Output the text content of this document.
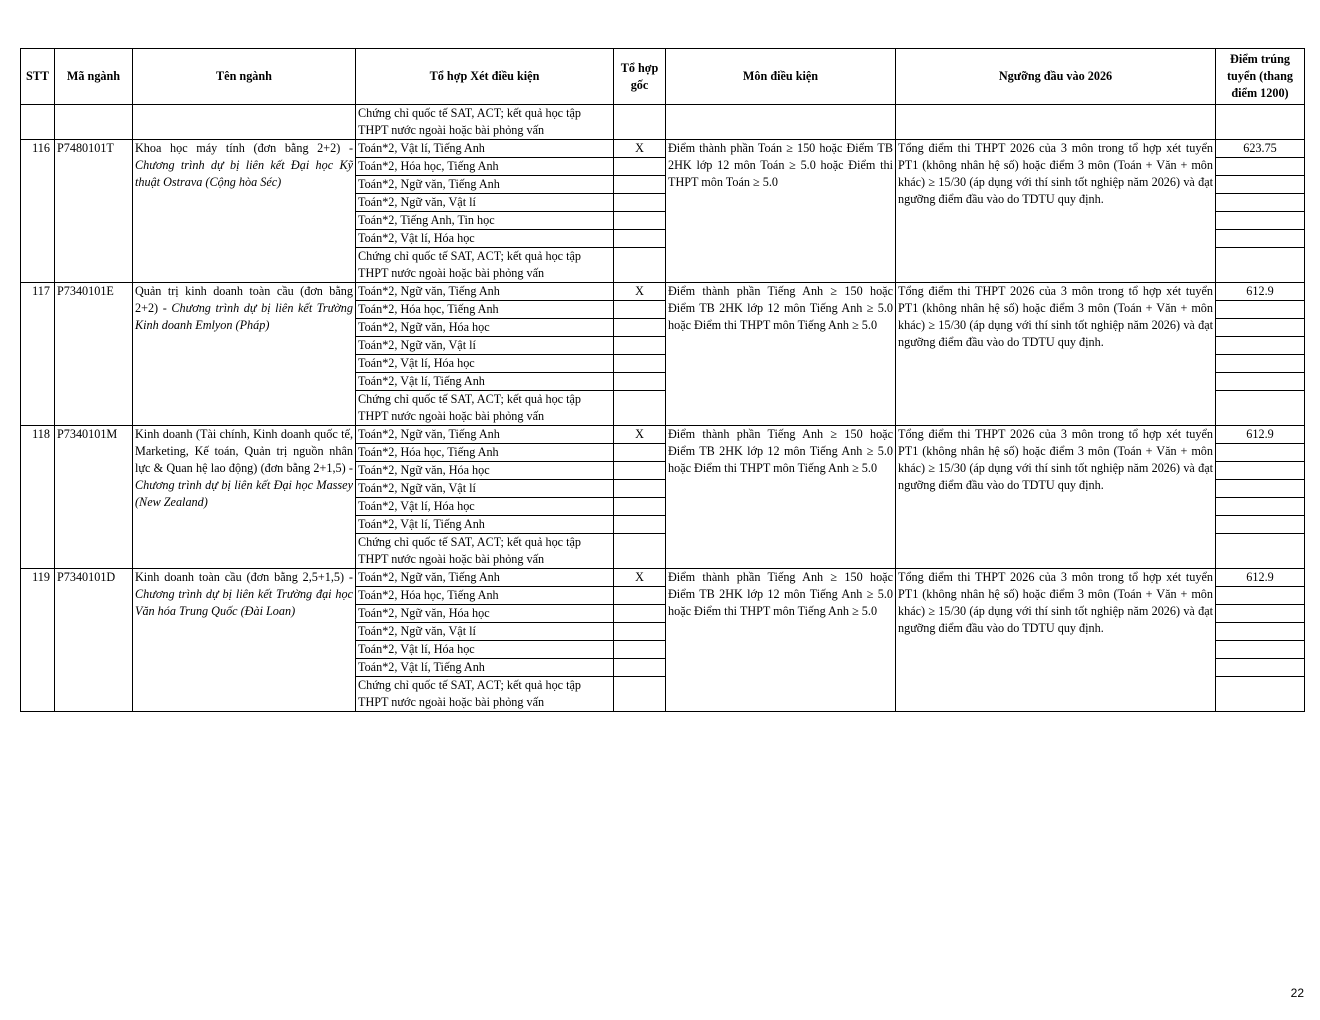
STT	Mã ngành	Tên ngành	Tổ hợp Xét điều kiện	Tổ hợp gốc	Môn điều kiện	Ngưỡng đầu vào 2026	Điểm trúng tuyển (thang điểm 1200)
			Chứng chỉ quốc tế SAT, ACT; kết quả học tập THPT nước ngoài hoặc bài phỏng vấn				
116	P7480101T	Khoa học máy tính (đơn bằng 2+2) - Chương trình dự bị liên kết Đại học Kỹ thuật Ostrava (Cộng hòa Séc)	Toán*2, Vật lí, Tiếng Anh	X	Điểm thành phần Toán ≥ 150 hoặc Điểm TB 2HK lớp 12 môn Toán ≥ 5.0 hoặc Điểm thi THPT môn Toán ≥ 5.0	Tổng điểm thi THPT 2026 của 3 môn trong tổ hợp xét tuyển PT1 (không nhân hệ số) hoặc điểm 3 môn (Toán + Văn + môn khác) ≥ 15/30 (áp dụng với thí sinh tốt nghiệp năm 2026) và đạt ngưỡng điểm đầu vào do TDTU quy định.	623.75
			Toán*2, Hóa học, Tiếng Anh				
			Toán*2, Ngữ văn, Tiếng Anh				
			Toán*2, Ngữ văn, Vật lí				
			Toán*2, Tiếng Anh, Tin học				
			Toán*2, Vật lí, Hóa học				
			Chứng chỉ quốc tế SAT, ACT; kết quả học tập THPT nước ngoài hoặc bài phỏng vấn				
117	P7340101E	Quản trị kinh doanh toàn cầu (đơn bằng 2+2) - Chương trình dự bị liên kết Trường Kinh doanh Emlyon (Pháp)	Toán*2, Ngữ văn, Tiếng Anh	X	Điểm thành phần Tiếng Anh ≥ 150 hoặc Điểm TB 2HK lớp 12 môn Tiếng Anh ≥ 5.0 hoặc Điểm thi THPT môn Tiếng Anh ≥ 5.0	Tổng điểm thi THPT 2026 của 3 môn trong tổ hợp xét tuyển PT1 (không nhân hệ số) hoặc điểm 3 môn (Toán + Văn + môn khác) ≥ 15/30 (áp dụng với thí sinh tốt nghiệp năm 2026) và đạt ngưỡng điểm đầu vào do TDTU quy định.	612.9
			Toán*2, Hóa học, Tiếng Anh				
			Toán*2, Ngữ văn, Hóa học				
			Toán*2, Ngữ văn, Vật lí				
			Toán*2, Vật lí, Hóa học				
			Toán*2, Vật lí, Tiếng Anh				
			Chứng chỉ quốc tế SAT, ACT; kết quả học tập THPT nước ngoài hoặc bài phỏng vấn				
118	P7340101M	Kinh doanh (Tài chính, Kinh doanh quốc tế, Marketing, Kế toán, Quản trị nguồn nhân lực & Quan hệ lao động) (đơn bằng 2+1,5) - Chương trình dự bị liên kết Đại học Massey (New Zealand)	Toán*2, Ngữ văn, Tiếng Anh	X	Điểm thành phần Tiếng Anh ≥ 150 hoặc Điểm TB 2HK lớp 12 môn Tiếng Anh ≥ 5.0 hoặc Điểm thi THPT môn Tiếng Anh ≥ 5.0	Tổng điểm thi THPT 2026 của 3 môn trong tổ hợp xét tuyển PT1 (không nhân hệ số) hoặc điểm 3 môn (Toán + Văn + môn khác) ≥ 15/30 (áp dụng với thí sinh tốt nghiệp năm 2026) và đạt ngưỡng điểm đầu vào do TDTU quy định.	612.9
			Toán*2, Hóa học, Tiếng Anh				
			Toán*2, Ngữ văn, Hóa học				
			Toán*2, Ngữ văn, Vật lí				
			Toán*2, Vật lí, Hóa học				
			Toán*2, Vật lí, Tiếng Anh				
			Chứng chỉ quốc tế SAT, ACT; kết quả học tập THPT nước ngoài hoặc bài phỏng vấn				
119	P7340101D	Kinh doanh toàn cầu (đơn bằng 2,5+1,5) - Chương trình dự bị liên kết Trường đại học Văn hóa Trung Quốc (Đài Loan)	Toán*2, Ngữ văn, Tiếng Anh	X	Điểm thành phần Tiếng Anh ≥ 150 hoặc Điểm TB 2HK lớp 12 môn Tiếng Anh ≥ 5.0 hoặc Điểm thi THPT môn Tiếng Anh ≥ 5.0	Tổng điểm thi THPT 2026 của 3 môn trong tổ hợp xét tuyển PT1 (không nhân hệ số) hoặc điểm 3 môn (Toán + Văn + môn khác) ≥ 15/30 (áp dụng với thí sinh tốt nghiệp năm 2026) và đạt ngưỡng điểm đầu vào do TDTU quy định.	612.9
			Toán*2, Hóa học, Tiếng Anh				
			Toán*2, Ngữ văn, Hóa học				
			Toán*2, Ngữ văn, Vật lí				
			Toán*2, Vật lí, Hóa học				
			Toán*2, Vật lí, Tiếng Anh				
			Chứng chỉ quốc tế SAT, ACT; kết quả học tập THPT nước ngoài hoặc bài phỏng vấn				
22
